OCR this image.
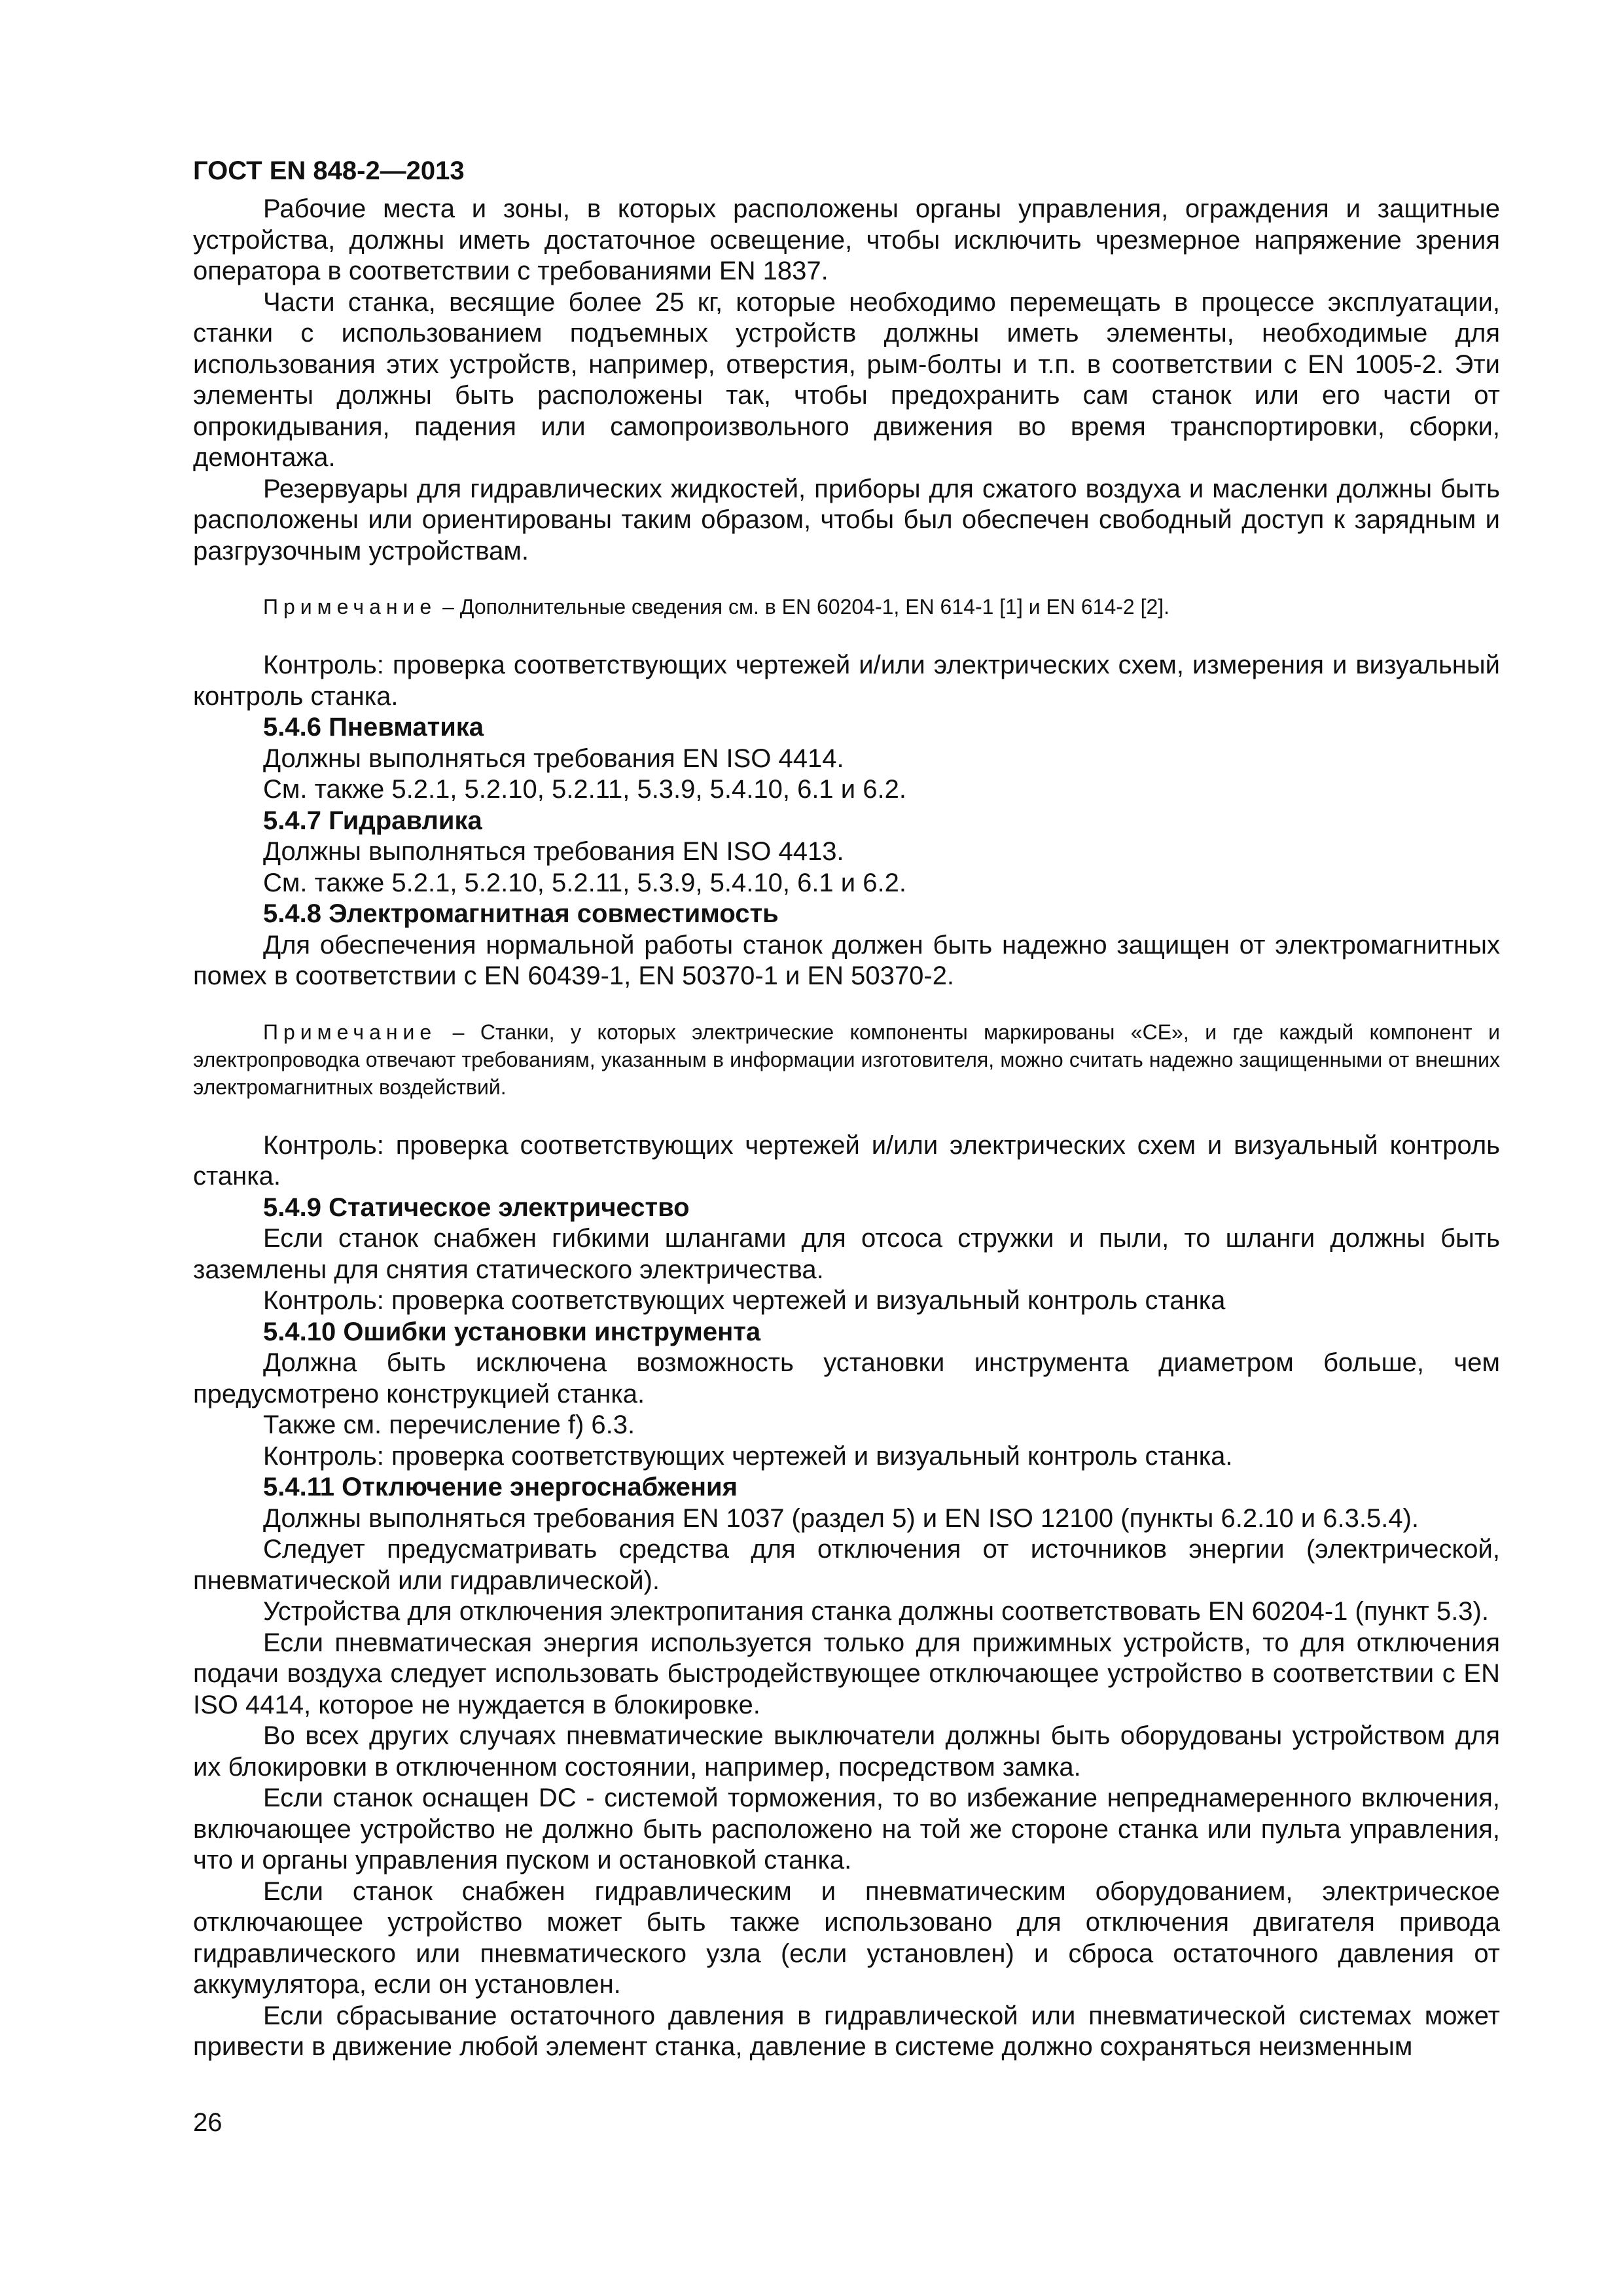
ГОСТ EN 848-2—2013

Рабочие места и зоны, в которых расположены органы управления, ограждения и защитные устройства, должны иметь достаточное освещение, чтобы исключить чрезмерное напряжение зрения оператора в соответствии с требованиями EN 1837.

Части станка, весящие более 25 кг, которые необходимо перемещать в процессе эксплуатации, станки с использованием подъемных устройств должны иметь элементы, необходимые для использования этих устройств, например, отверстия, рым-болты и т.п. в соответствии с EN 1005-2. Эти элементы должны быть расположены так, чтобы предохранить сам станок или его части от опрокидывания, падения или самопроизвольного движения во время транспортировки, сборки, демонтажа.

Резервуары для гидравлических жидкостей, приборы для сжатого воздуха и масленки должны быть расположены или ориентированы таким образом, чтобы был обеспечен свободный доступ к зарядным и разгрузочным устройствам.

Примечание – Дополнительные сведения см. в EN 60204-1, EN 614-1 [1] и EN 614-2 [2].

Контроль: проверка соответствующих чертежей и/или электрических схем, измерения и визуальный контроль станка.

5.4.6 Пневматика

Должны выполняться требования EN ISO 4414.

См. также 5.2.1, 5.2.10, 5.2.11, 5.3.9, 5.4.10, 6.1 и 6.2.

5.4.7 Гидравлика

Должны выполняться требования EN ISO 4413.

См. также 5.2.1, 5.2.10, 5.2.11, 5.3.9, 5.4.10, 6.1 и 6.2.

5.4.8 Электромагнитная совместимость

Для обеспечения нормальной работы станок должен быть надежно защищен от электромагнитных помех в соответствии с EN 60439-1, EN 50370-1 и EN 50370-2.

Примечание – Станки, у которых электрические компоненты маркированы «СЕ», и где каждый компонент и электропроводка отвечают требованиям, указанным в информации изготовителя, можно считать надежно защищенными от внешних электромагнитных воздействий.

Контроль: проверка соответствующих чертежей и/или электрических схем и визуальный контроль станка.

5.4.9 Статическое электричество

Если станок снабжен гибкими шлангами для отсоса стружки и пыли, то шланги должны быть заземлены для снятия статического электричества.

Контроль: проверка соответствующих чертежей и визуальный контроль станка

5.4.10 Ошибки установки инструмента

Должна быть исключена возможность установки инструмента диаметром больше, чем предусмотрено конструкцией станка.

Также см. перечисление f) 6.3.

Контроль: проверка соответствующих чертежей и визуальный контроль станка.

5.4.11 Отключение энергоснабжения

Должны выполняться требования EN 1037 (раздел 5) и EN ISO 12100 (пункты 6.2.10 и 6.3.5.4).

Следует предусматривать средства для отключения от источников энергии (электрической, пневматической или гидравлической).

Устройства для отключения электропитания станка должны соответствовать EN 60204-1 (пункт 5.3).

Если пневматическая энергия используется только для прижимных устройств, то для отключения подачи воздуха следует использовать быстродействующее отключающее устройство в соответствии с EN ISO 4414, которое не нуждается в блокировке.

Во всех других случаях пневматические выключатели должны быть оборудованы устройством для их блокировки в отключенном состоянии, например, посредством замка.

Если станок оснащен DC - системой торможения, то во избежание непреднамеренного включения, включающее устройство не должно быть расположено на той же стороне станка или пульта управления, что и органы управления пуском и остановкой станка.

Если станок снабжен гидравлическим и пневматическим оборудованием, электрическое отключающее устройство может быть также использовано для отключения двигателя привода гидравлического или пневматического узла (если установлен) и сброса остаточного давления от аккумулятора, если он установлен.

Если сбрасывание остаточного давления в гидравлической или пневматической системах может привести в движение любой элемент станка, давление в системе должно сохраняться неизменным

26
